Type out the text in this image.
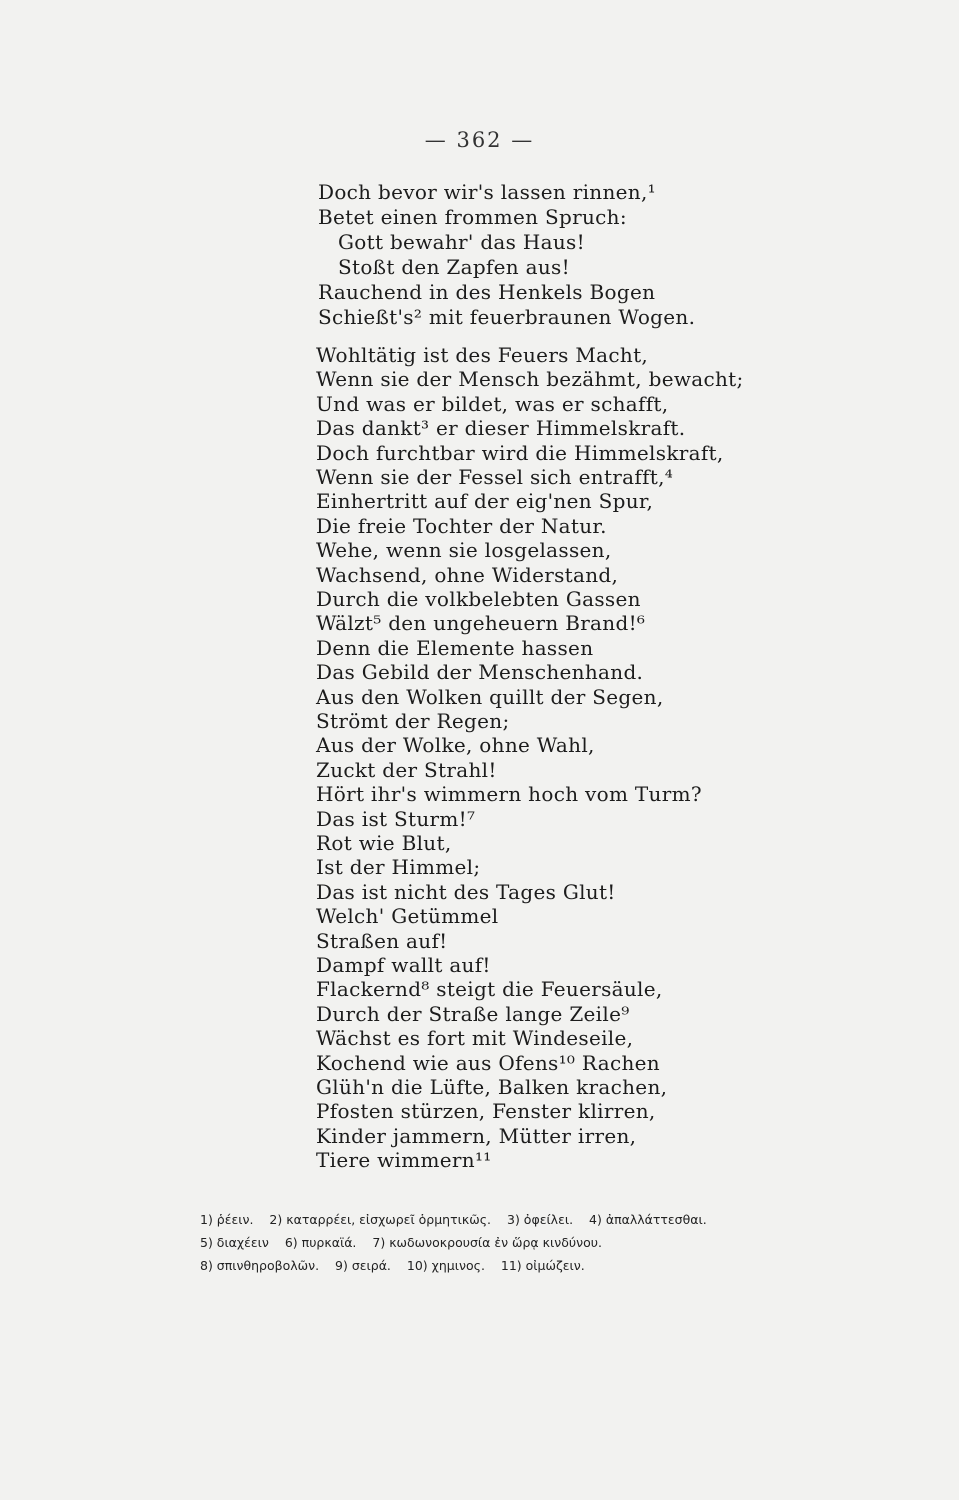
— 362 —
Doch bevor wir's lassen rinnen,¹
Betet einen frommen Spruch:
Gott bewahr' das Haus!
Stoßt den Zapfen aus!
Rauchend in des Henkels Bogen
Schießt's² mit feuerbraunen Wogen.
Wohltätig ist des Feuers Macht,
Wenn sie der Mensch bezähmt, bewacht;
Und was er bildet, was er schafft,
Das dankt³ er dieser Himmelskraft.
Doch furchtbar wird die Himmelskraft,
Wenn sie der Fessel sich entrafft,⁴
Einhertritt auf der eig'nen Spur,
Die freie Tochter der Natur.
Wehe, wenn sie losgelassen,
Wachsend, ohne Widerstand,
Durch die volkbelebten Gassen
Wälzt⁵ den ungeheuern Brand!⁶
Denn die Elemente hassen
Das Gebild der Menschenhand.
Aus den Wolken quillt der Segen,
Strömt der Regen;
Aus der Wolke, ohne Wahl,
Zuckt der Strahl!
Hört ihr's wimmern hoch vom Turm?
Das ist Sturm!⁷
Rot wie Blut,
Ist der Himmel;
Das ist nicht des Tages Glut!
Welch' Getümmel
Straßen auf!
Dampf wallt auf!
Flackernd⁸ steigt die Feuersäule,
Durch der Straße lange Zeile⁹
Wächst es fort mit Windeseile,
Kochend wie aus Ofens¹⁰ Rachen
Glüh'n die Lüfte, Balken krachen,
Pfosten stürzen, Fenster klirren,
Kinder jammern, Mütter irren,
Tiere wimmern¹¹
1) ῥέειν. 2) καταρρέει, εἰσχωρεῖ ὁρμητικῶς. 3) ὀφείλει. 4) ἀπαλλάττεσθαι.
5) διαχέειν 6) πυρκαϊά. 7) κωδωνοκρουσία ἐν ὥρᾳ κινδύνου.
8) σπινθηροβολῶν. 9) σειρά. 10) χημινος. 11) οἰμώζειν.
